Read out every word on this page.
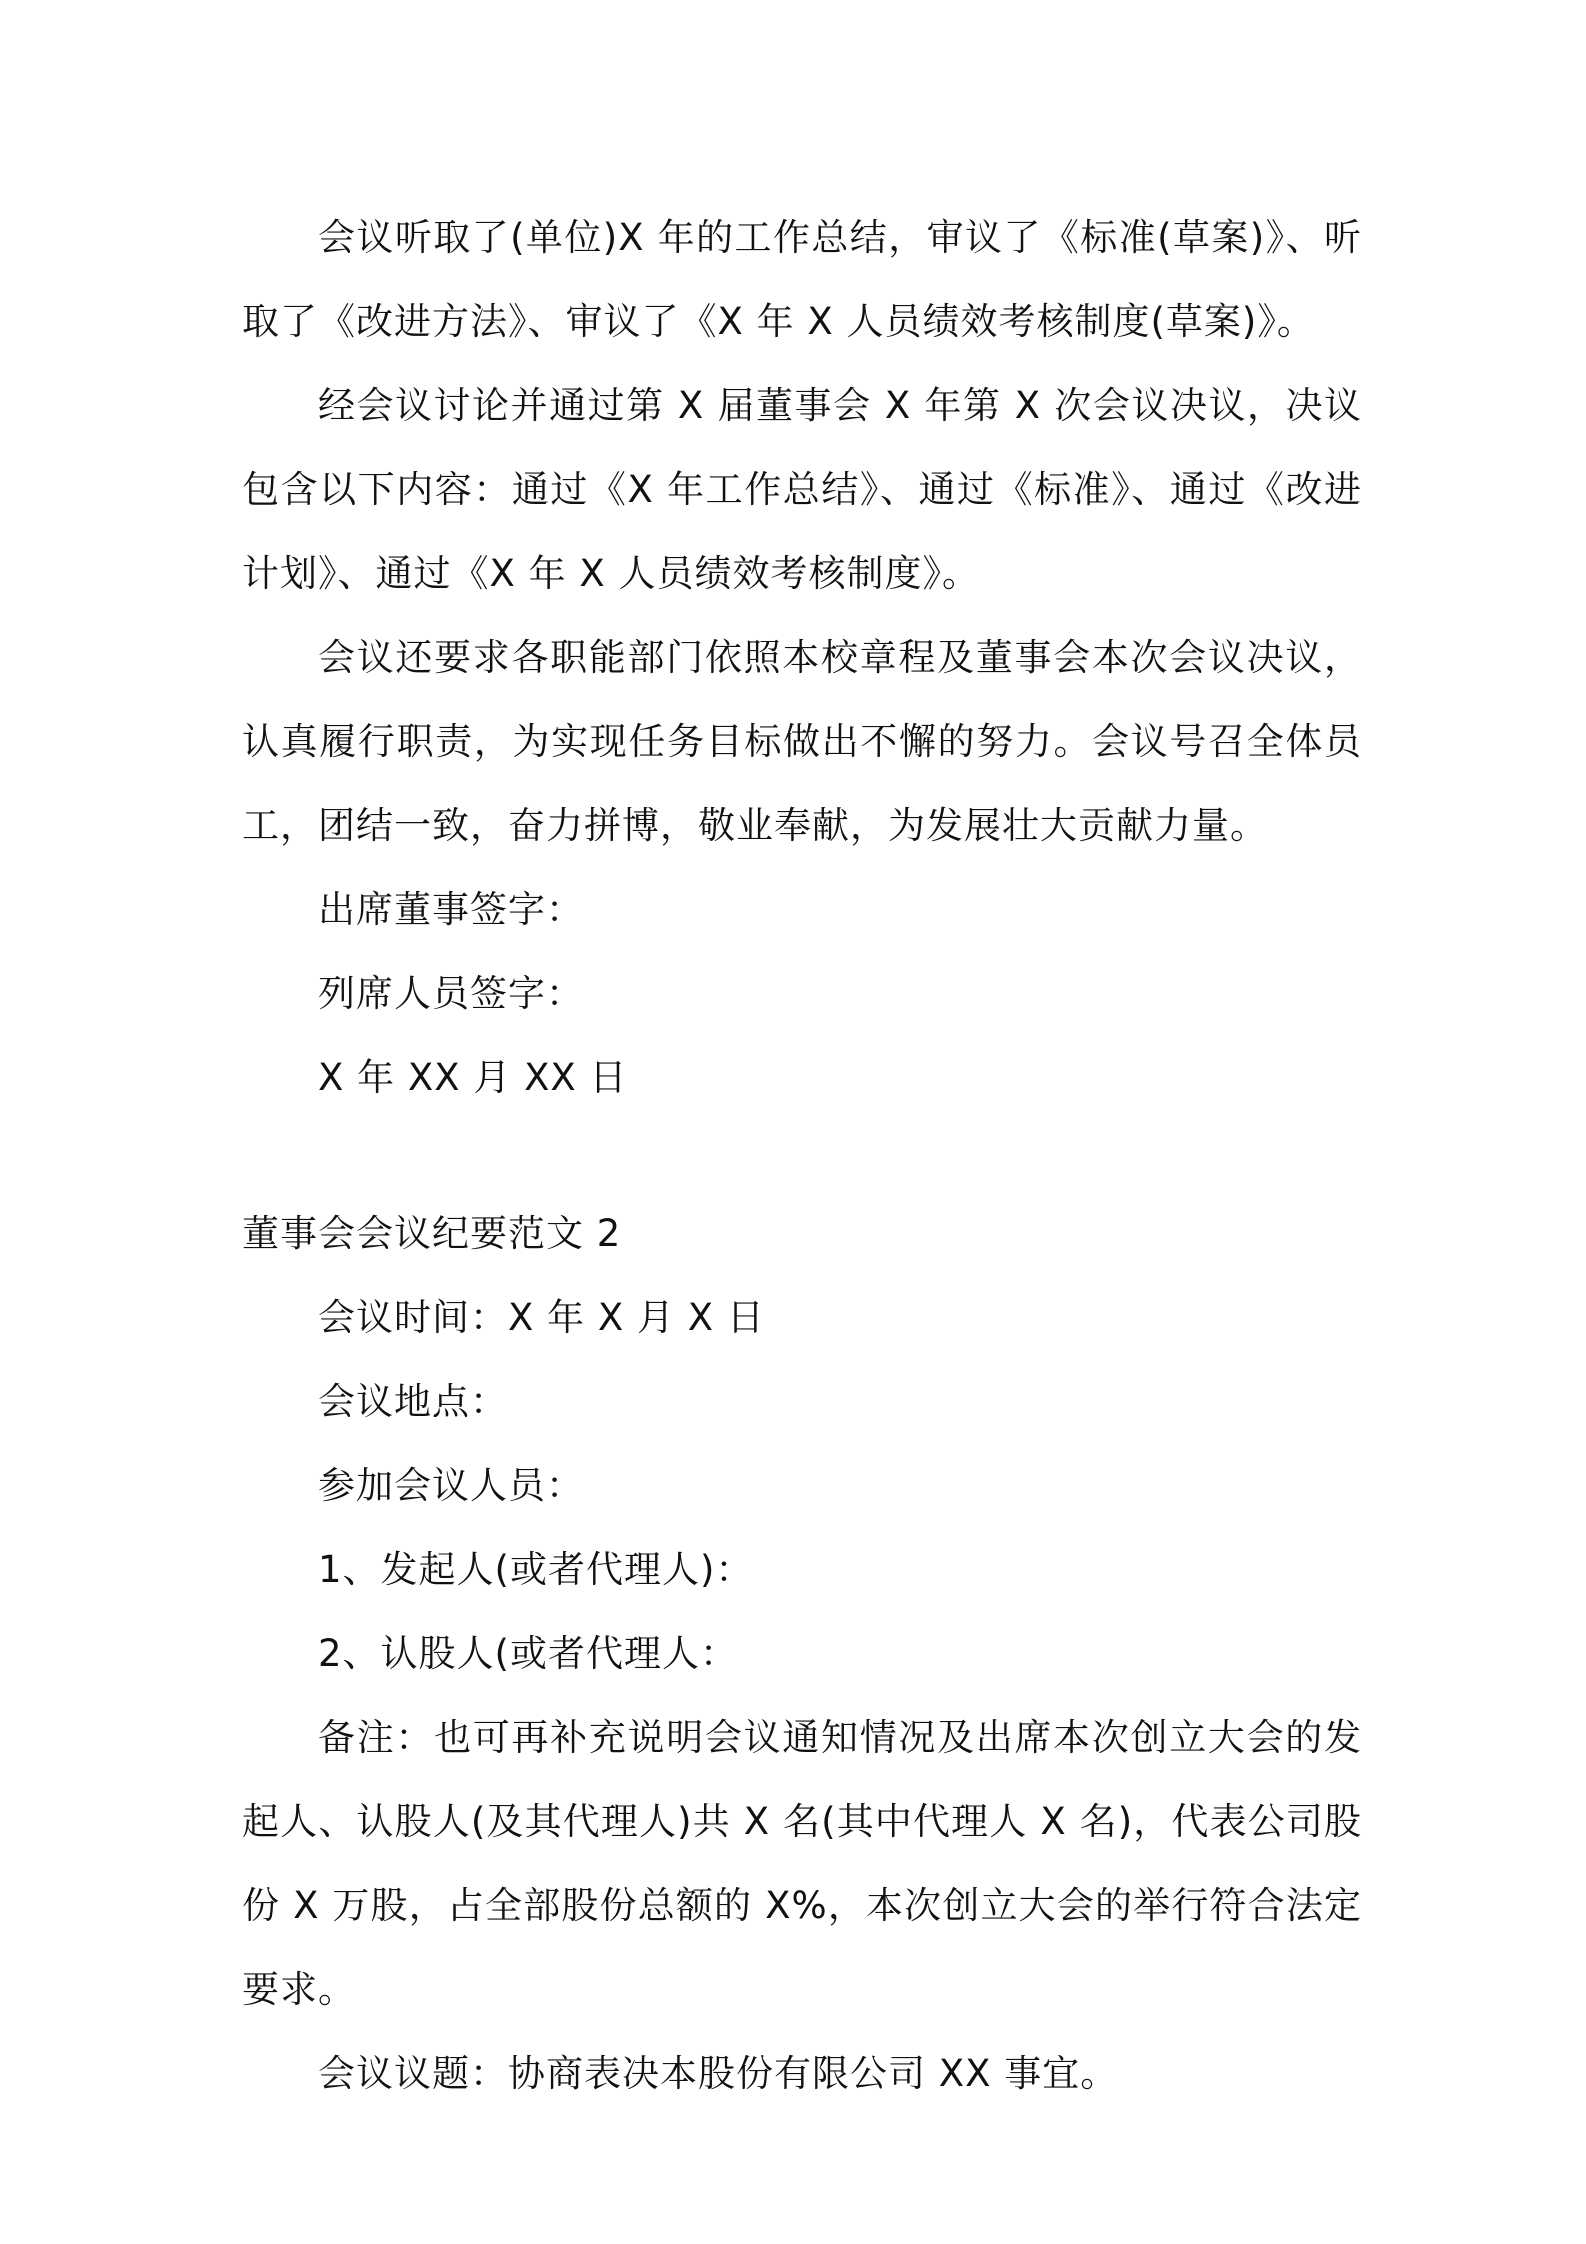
会议听取了(单位)X 年的工作总结，审议了《标准(草案)》、听取了《改进方法》、审议了《X 年 X 人员绩效考核制度(草案)》。

经会议讨论并通过第 X 届董事会 X 年第 X 次会议决议，决议包含以下内容：通过《X 年工作总结》、通过《标准》、通过《改进计划》、通过《X 年 X 人员绩效考核制度》。

会议还要求各职能部门依照本校章程及董事会本次会议决议，认真履行职责，为实现任务目标做出不懈的努力。会议号召全体员工，团结一致，奋力拼博，敬业奉献，为发展壮大贡献力量。

出席董事签字：

列席人员签字：

X 年 XX 月 XX 日

董事会会议纪要范文 2

会议时间：X 年 X 月 X 日

会议地点：

参加会议人员：

1、发起人(或者代理人)：

2、认股人(或者代理人：

备注：也可再补充说明会议通知情况及出席本次创立大会的发起人、认股人(及其代理人)共 X 名(其中代理人 X 名)，代表公司股份 X 万股，占全部股份总额的 X%，本次创立大会的举行符合法定要求。

会议议题：协商表决本股份有限公司 XX 事宜。
